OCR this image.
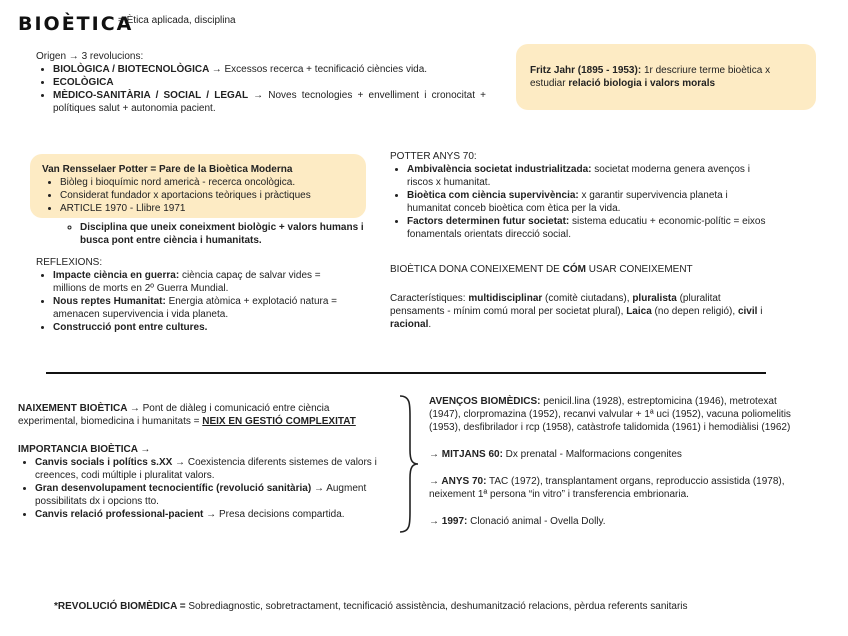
BIOÈTICA
= Ètica aplicada, disciplina
Origen → 3 revolucions:
• BIOLÒGICA / BIOTECNOLÒGICA → Excessos recerca + tecnificació ciències vida.
• ECOLÒGICA
• MÈDICO-SANITÀRIA / SOCIAL / LEGAL → Noves tecnologies + envelliment i cronocitat + polítiques salut + autonomia pacient.
Fritz Jahr (1895 - 1953): 1r descriure terme bioètica x estudiar relació biologia i valors morals
Van Rensselaer Potter = Pare de la Bioètica Moderna
• Biòleg i bioquímic nord americà - recerca oncològica.
• Considerat fundador x aportacions teòriques i pràctiques
• ARTICLE 1970 - Llibre 1971
◦ Disciplina que uneix coneixment biològic + valors humans i busca pont entre ciència i humanitats.
POTTER ANYS 70:
• Ambivalència societat industrialitzada: societat moderna genera avenços i riscos x humanitat.
• Bioètica com ciència supervivència: x garantir supervivencia planeta i humanitat conceb bioètica com ètica per la vida.
• Factors determinen futur societat: sistema educatiu + economic-polític = eixos fonamentals orientats direcció social.
REFLEXIONS:
• Impacte ciència en guerra: ciència capaç de salvar vides = millions de morts en 2º Guerra Mundial.
• Nous reptes Humanitat: Energia atòmica + explotació natura = amenacen supervivencia i vida planeta.
• Construcció pont entre cultures.
BIOÈTICA DONA CONEIXEMENT DE CÓM USAR CONEIXEMENT
Característiques: multidisciplinar (comitè ciutadans), pluralista (pluralitat pensaments - mínim comú moral per societat plural), Laica (no depen religió), civil i racional.
NAIXEMENT BIOÈTICA → Pont de diàleg i comunicació entre ciència experimental, biomedicina i humanitats = NEIX EN GESTIÓ COMPLEXITAT
IMPORTANCIA BIOÈTICA →
• Canvis socials i polítics s.XX → Coexistencia diferents sistemes de valors i creences, codi múltiple i pluralitat valors.
• Gran desenvolupament tecnocientífic (revolució sanitària) → Augment possibilitats dx i opcions tto.
• Canvis relació professional-pacient → Presa decisions compartida.
AVENÇOS BIOMÈDICS: penicil.lina (1928), estreptomicina (1946), metrotexat (1947), clorpromazina (1952), recanvi valvular + 1ª uci (1952), vacuna poliomelitis (1953), desfibrilador i rcp (1958), catàstrofe talidomida (1961) i hemodiàlisi (1962)
→ MITJANS 60: Dx prenatal - Malformacions congenites
→ ANYS 70: TAC (1972), transplantament organs, reproduccio assistida (1978), neixement 1ª persona “in vitro” i transferencia embrionaria.
→ 1997: Clonació animal - Ovella Dolly.
*REVOLUCIÓ BIOMÈDICA = Sobrediagnostic, sobretractament, tecnificació assistència, deshumanització relacions, pèrdua referents sanitaris
